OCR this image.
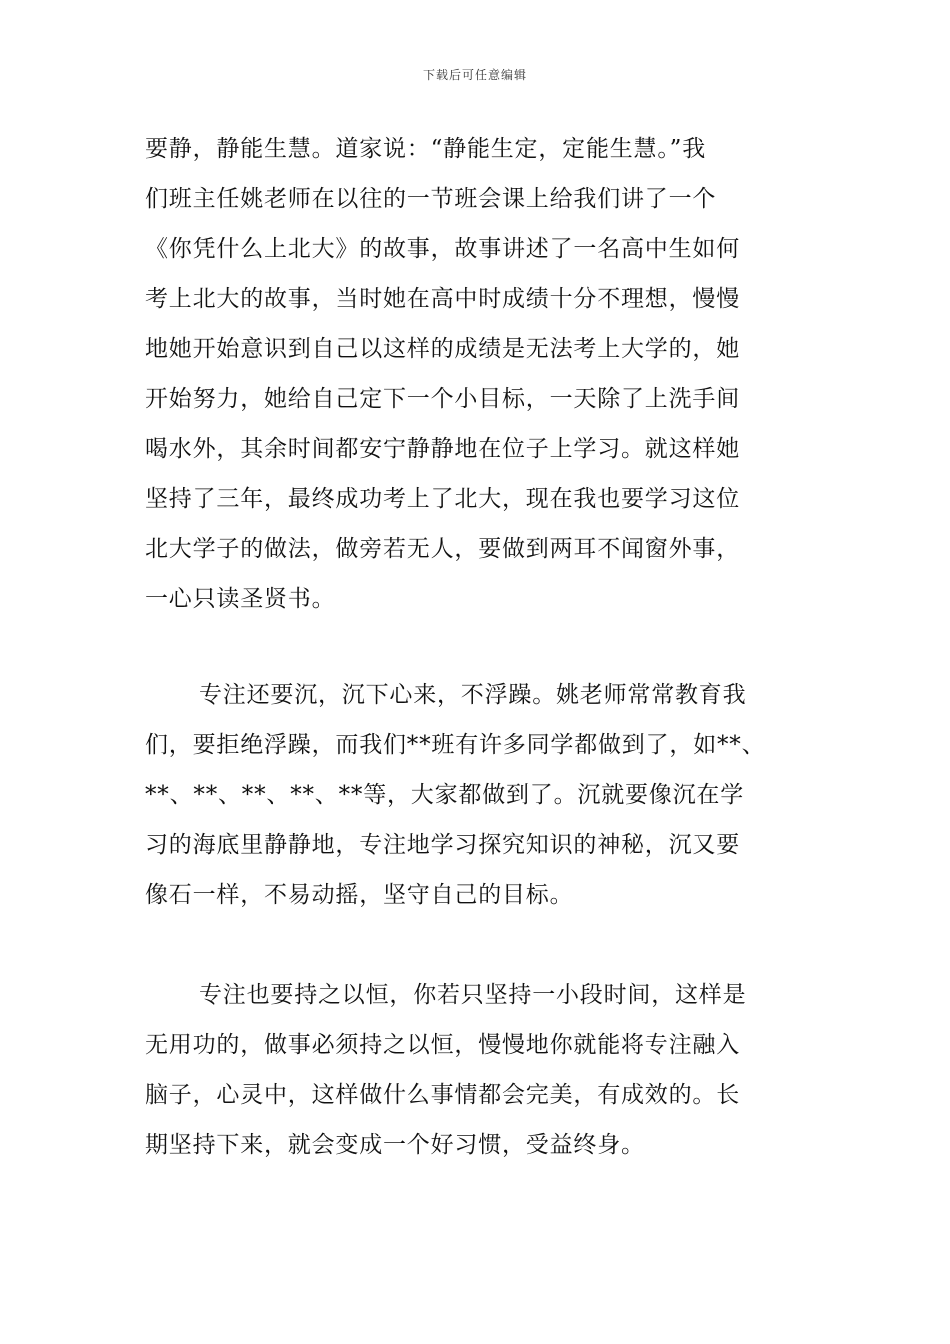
下载后可任意编辑
要静，静能生慧。道家说：“静能生定，定能生慧。”我
们班主任姚老师在以往的一节班会课上给我们讲了一个
《你凭什么上北大》的故事，故事讲述了一名高中生如何
考上北大的故事，当时她在高中时成绩十分不理想，慢慢
地她开始意识到自己以这样的成绩是无法考上大学的，她
开始努力，她给自己定下一个小目标，一天除了上洗手间
喝水外，其余时间都安宁静静地在位子上学习。就这样她
坚持了三年，最终成功考上了北大，现在我也要学习这位
北大学子的做法，做旁若无人，要做到两耳不闻窗外事，
一心只读圣贤书。
专注还要沉，沉下心来，不浮躁。姚老师常常教育我
们，要拒绝浮躁，而我们**班有许多同学都做到了，如**、
**、**、**、**、**等，大家都做到了。沉就要像沉在学
习的海底里静静地，专注地学习探究知识的神秘，沉又要
像石一样，不易动摇，坚守自己的目标。
专注也要持之以恒，你若只坚持一小段时间，这样是
无用功的，做事必须持之以恒，慢慢地你就能将专注融入
脑子，心灵中，这样做什么事情都会完美，有成效的。长
期坚持下来，就会变成一个好习惯，受益终身。
